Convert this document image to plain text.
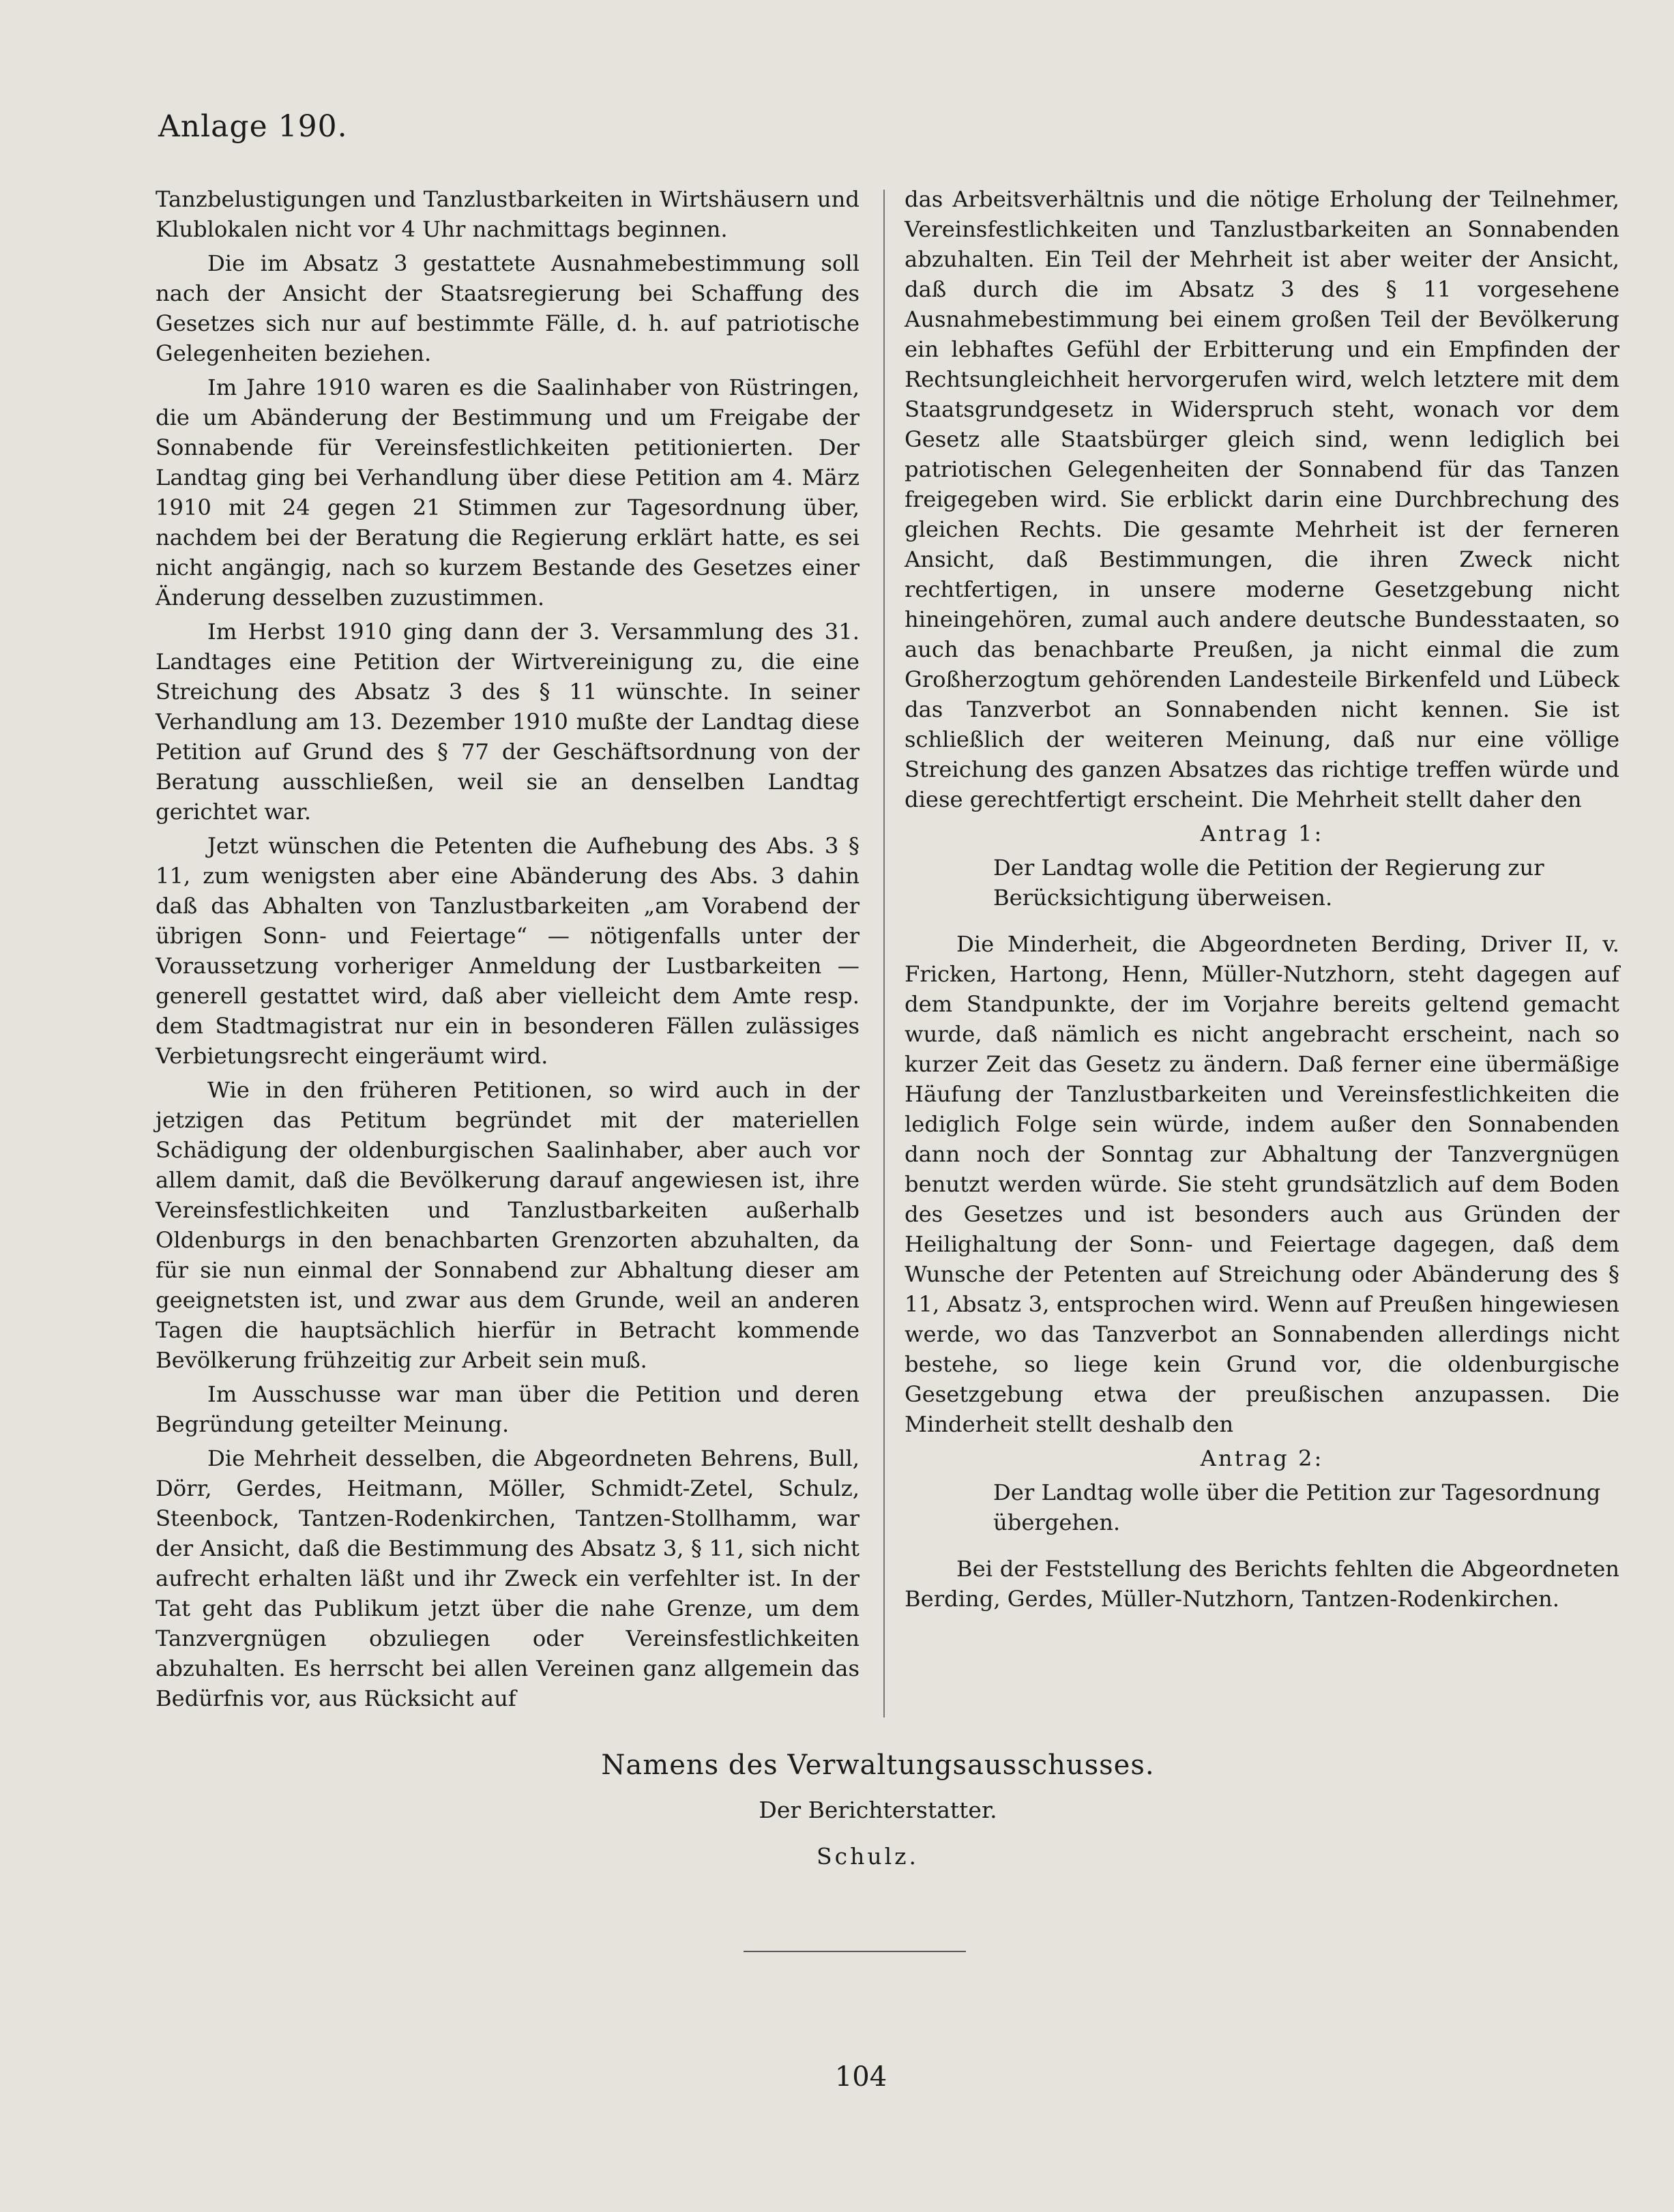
Anlage 190.

Tanzbelustigungen und Tanzlustbarkeiten in Wirtshäusern und Klublokalen nicht vor 4 Uhr nachmittags beginnen.

Die im Absatz 3 gestattete Ausnahmebestimmung soll nach der Ansicht der Staatsregierung bei Schaffung des Gesetzes sich nur auf bestimmte Fälle, d. h. auf patriotische Gelegenheiten beziehen.

Im Jahre 1910 waren es die Saalinhaber von Rüstringen, die um Abänderung der Bestimmung und um Freigabe der Sonnabende für Vereinsfestlichkeiten petitionierten. Der Landtag ging bei Verhandlung über diese Petition am 4. März 1910 mit 24 gegen 21 Stimmen zur Tagesordnung über, nachdem bei der Beratung die Regierung erklärt hatte, es sei nicht angängig, nach so kurzem Bestande des Gesetzes einer Änderung desselben zuzustimmen.

Im Herbst 1910 ging dann der 3. Versammlung des 31. Landtages eine Petition der Wirtvereinigung zu, die eine Streichung des Absatz 3 des § 11 wünschte. In seiner Verhandlung am 13. Dezember 1910 mußte der Landtag diese Petition auf Grund des § 77 der Geschäftsordnung von der Beratung ausschließen, weil sie an denselben Landtag gerichtet war.

Jetzt wünschen die Petenten die Aufhebung des Abs. 3 § 11, zum wenigsten aber eine Abänderung des Abs. 3 dahin daß das Abhalten von Tanzlustbarkeiten „am Vorabend der übrigen Sonn- und Feiertage“ — nötigenfalls unter der Voraussetzung vorheriger Anmeldung der Lustbarkeiten — generell gestattet wird, daß aber vielleicht dem Amte resp. dem Stadtmagistrat nur ein in besonderen Fällen zulässiges Verbietungsrecht eingeräumt wird.

Wie in den früheren Petitionen, so wird auch in der jetzigen das Petitum begründet mit der materiellen Schädigung der oldenburgischen Saalinhaber, aber auch vor allem damit, daß die Bevölkerung darauf angewiesen ist, ihre Vereinsfestlichkeiten und Tanzlustbarkeiten außerhalb Oldenburgs in den benachbarten Grenzorten abzuhalten, da für sie nun einmal der Sonnabend zur Abhaltung dieser am geeignetsten ist, und zwar aus dem Grunde, weil an anderen Tagen die hauptsächlich hierfür in Betracht kommende Bevölkerung frühzeitig zur Arbeit sein muß.

Im Ausschusse war man über die Petition und deren Begründung geteilter Meinung.

Die Mehrheit desselben, die Abgeordneten Behrens, Bull, Dörr, Gerdes, Heitmann, Möller, Schmidt-Zetel, Schulz, Steenbock, Tantzen-Rodenkirchen, Tantzen-Stollhamm, war der Ansicht, daß die Bestimmung des Absatz 3, § 11, sich nicht aufrecht erhalten läßt und ihr Zweck ein verfehlter ist. In der Tat geht das Publikum jetzt über die nahe Grenze, um dem Tanzvergnügen obzuliegen oder Vereinsfestlichkeiten abzuhalten. Es herrscht bei allen Vereinen ganz allgemein das Bedürfnis vor, aus Rücksicht auf

das Arbeitsverhältnis und die nötige Erholung der Teilnehmer, Vereinsfestlichkeiten und Tanzlustbarkeiten an Sonnabenden abzuhalten. Ein Teil der Mehrheit ist aber weiter der Ansicht, daß durch die im Absatz 3 des § 11 vorgesehene Ausnahmebestimmung bei einem großen Teil der Bevölkerung ein lebhaftes Gefühl der Erbitterung und ein Empfinden der Rechtsungleichheit hervorgerufen wird, welch letztere mit dem Staatsgrundgesetz in Widerspruch steht, wonach vor dem Gesetz alle Staatsbürger gleich sind, wenn lediglich bei patriotischen Gelegenheiten der Sonnabend für das Tanzen freigegeben wird. Sie erblickt darin eine Durchbrechung des gleichen Rechts. Die gesamte Mehrheit ist der ferneren Ansicht, daß Bestimmungen, die ihren Zweck nicht rechtfertigen, in unsere moderne Gesetzgebung nicht hineingehören, zumal auch andere deutsche Bundesstaaten, so auch das benachbarte Preußen, ja nicht einmal die zum Großherzogtum gehörenden Landesteile Birkenfeld und Lübeck das Tanzverbot an Sonnabenden nicht kennen. Sie ist schließlich der weiteren Meinung, daß nur eine völlige Streichung des ganzen Absatzes das richtige treffen würde und diese gerechtfertigt erscheint. Die Mehrheit stellt daher den

Antrag 1:

Der Landtag wolle die Petition der Regierung zur Berücksichtigung überweisen.

Die Minderheit, die Abgeordneten Berding, Driver II, v. Fricken, Hartong, Henn, Müller-Nutzhorn, steht dagegen auf dem Standpunkte, der im Vorjahre bereits geltend gemacht wurde, daß nämlich es nicht angebracht erscheint, nach so kurzer Zeit das Gesetz zu ändern. Daß ferner eine übermäßige Häufung der Tanzlustbarkeiten und Vereinsfestlichkeiten die lediglich Folge sein würde, indem außer den Sonnabenden dann noch der Sonntag zur Abhaltung der Tanzvergnügen benutzt werden würde. Sie steht grundsätzlich auf dem Boden des Gesetzes und ist besonders auch aus Gründen der Heilighaltung der Sonn- und Feiertage dagegen, daß dem Wunsche der Petenten auf Streichung oder Abänderung des § 11, Absatz 3, entsprochen wird. Wenn auf Preußen hingewiesen werde, wo das Tanzverbot an Sonnabenden allerdings nicht bestehe, so liege kein Grund vor, die oldenburgische Gesetzgebung etwa der preußischen anzupassen. Die Minderheit stellt deshalb den

Antrag 2:

Der Landtag wolle über die Petition zur Tagesordnung übergehen.

Bei der Feststellung des Berichts fehlten die Abgeordneten Berding, Gerdes, Müller-Nutzhorn, Tantzen-Rodenkirchen.

Namens des Verwaltungsausschusses.

Der Berichterstatter.

Schulz.

104
